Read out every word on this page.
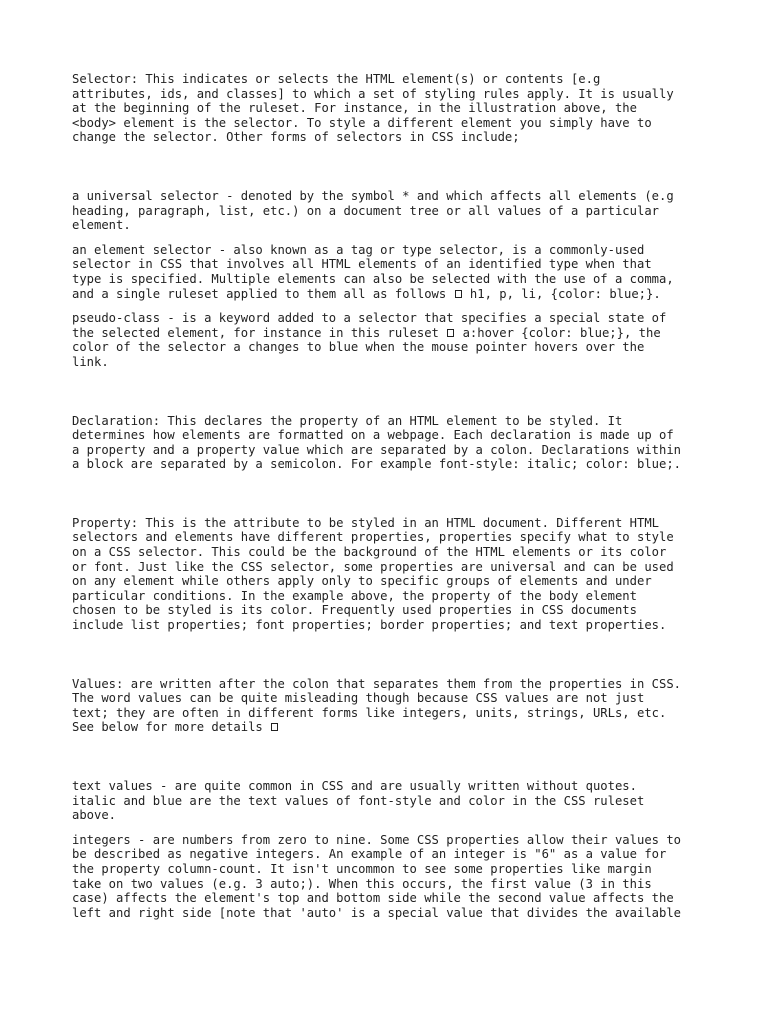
Selector: This indicates or selects the HTML element(s) or contents [e.g
attributes, ids, and classes] to which a set of styling rules apply. It is usually
at the beginning of the ruleset. For instance, in the illustration above, the
<body> element is the selector. To style a different element you simply have to
change the selector. Other forms of selectors in CSS include;

a universal selector - denoted by the symbol * and which affects all elements (e.g
heading, paragraph, list, etc.) on a document tree or all values of a particular
element.

an element selector - also known as a tag or type selector, is a commonly-used
selector in CSS that involves all HTML elements of an identified type when that
type is specified. Multiple elements can also be selected with the use of a comma,
and a single ruleset applied to them all as follows h1, p, li, {color: blue;}.

pseudo-class - is a keyword added to a selector that specifies a special state of
the selected element, for instance in this ruleset a:hover {color: blue;}, the
color of the selector a changes to blue when the mouse pointer hovers over the
link.

Declaration: This declares the property of an HTML element to be styled. It
determines how elements are formatted on a webpage. Each declaration is made up of
a property and a property value which are separated by a colon. Declarations within
a block are separated by a semicolon. For example font-style: italic; color: blue;.

Property: This is the attribute to be styled in an HTML document. Different HTML
selectors and elements have different properties, properties specify what to style
on a CSS selector. This could be the background of the HTML elements or its color
or font. Just like the CSS selector, some properties are universal and can be used
on any element while others apply only to specific groups of elements and under
particular conditions. In the example above, the property of the body element
chosen to be styled is its color. Frequently used properties in CSS documents
include list properties; font properties; border properties; and text properties.

Values: are written after the colon that separates them from the properties in CSS.
The word values can be quite misleading though because CSS values are not just
text; they are often in different forms like integers, units, strings, URLs, etc.
See below for more details

text values - are quite common in CSS and are usually written without quotes.
italic and blue are the text values of font-style and color in the CSS ruleset
above.

integers - are numbers from zero to nine. Some CSS properties allow their values to
be described as negative integers. An example of an integer is "6" as a value for
the property column-count. It isn't uncommon to see some properties like margin
take on two values (e.g. 3 auto;). When this occurs, the first value (3 in this
case) affects the element's top and bottom side while the second value affects the
left and right side [note that 'auto' is a special value that divides the available
